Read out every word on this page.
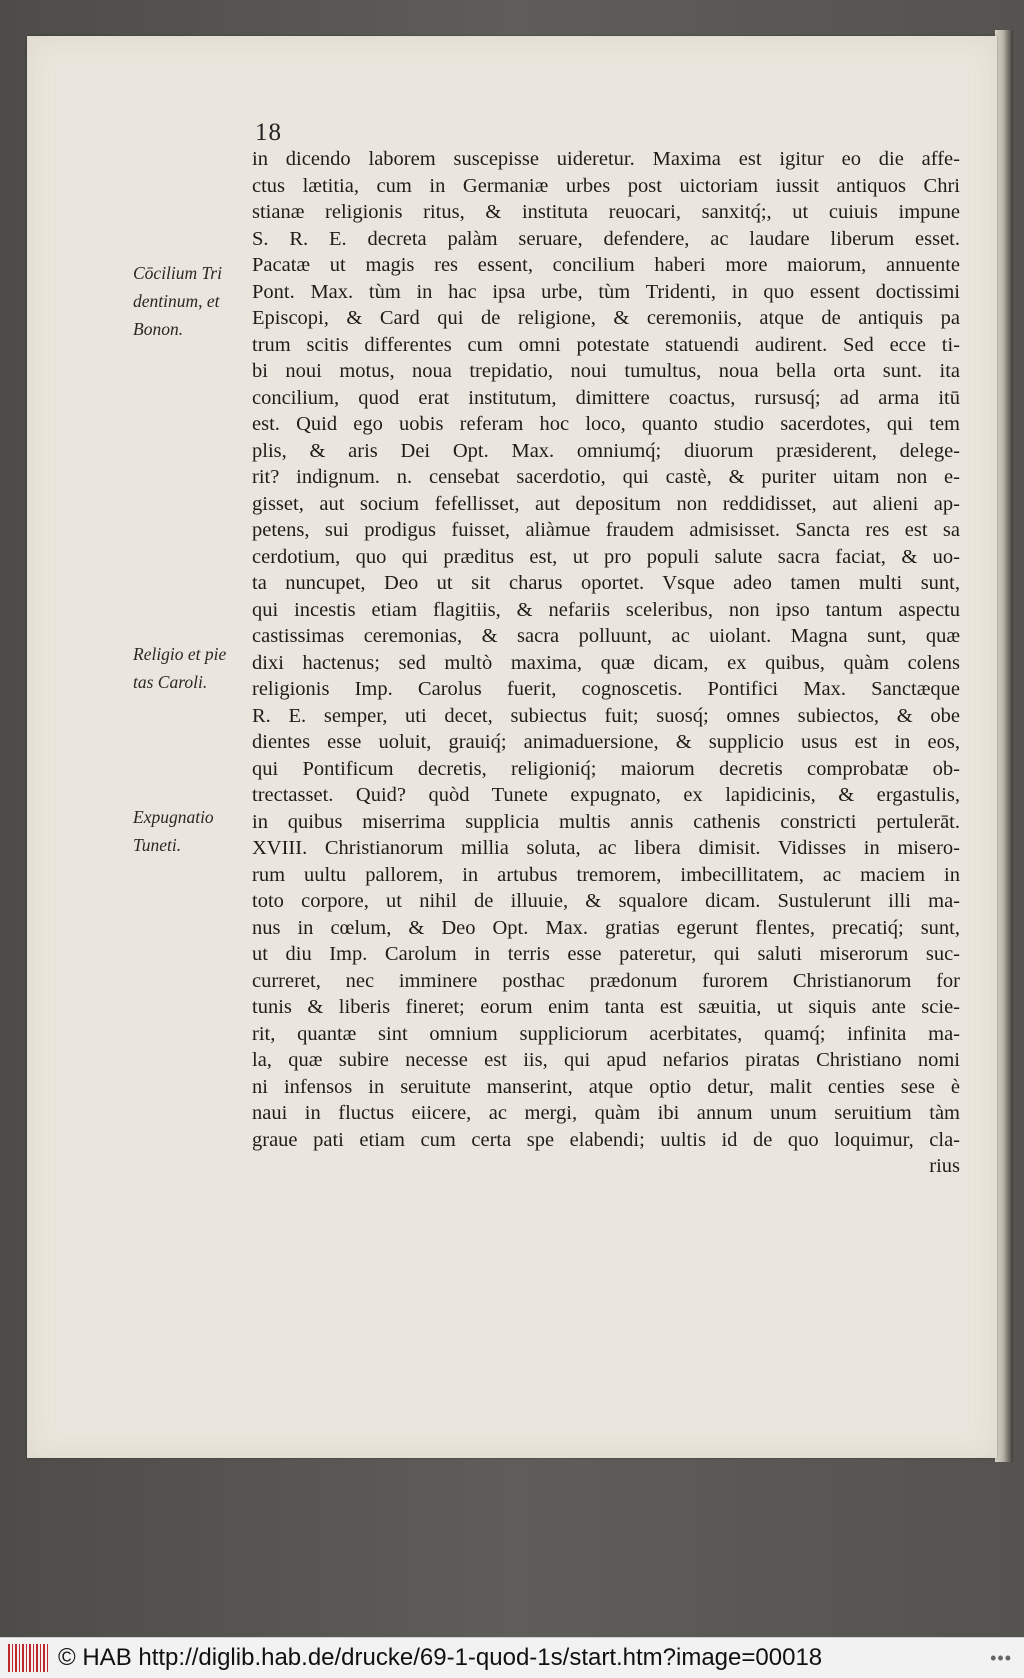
18
Cōcilium Tri
dentinum, et
Bonon.
Religio et pie
tas Caroli.
Expugnatio
Tuneti.
in dicendo laborem suscepisse uideretur. Maxima est igitur eo die affe-
ctus lætitia, cum in Germaniæ urbes post uictoriam iussit antiquos Chri
stianæ religionis ritus, & instituta reuocari, sanxitq́;, ut cuiuis impune
S. R. E. decreta palàm seruare, defendere, ac laudare liberum esset.
Pacatæ ut magis res essent, concilium haberi more maiorum, annuente
Pont. Max. tùm in hac ipsa urbe, tùm Tridenti, in quo essent doctissimi
Episcopi, & Card qui de religione, & ceremoniis, atque de antiquis pa
trum scitis differentes cum omni potestate statuendi audirent. Sed ecce ti-
bi noui motus, noua trepidatio, noui tumultus, noua bella orta sunt. ita
concilium, quod erat institutum, dimittere coactus, rursusq́; ad arma itū
est. Quid ego uobis referam hoc loco, quanto studio sacerdotes, qui tem
plis, & aris Dei Opt. Max. omniumq́; diuorum præsiderent, delege-
rit? indignum. n. censebat sacerdotio, qui castè, & puriter uitam non e-
gisset, aut socium fefellisset, aut depositum non reddidisset, aut alieni ap-
petens, sui prodigus fuisset, aliàmue fraudem admisisset. Sancta res est sa
cerdotium, quo qui præditus est, ut pro populi salute sacra faciat, & uo-
ta nuncupet, Deo ut sit charus oportet. Vsque adeo tamen multi sunt,
qui incestis etiam flagitiis, & nefariis sceleribus, non ipso tantum aspectu
castissimas ceremonias, & sacra polluunt, ac uiolant. Magna sunt, quæ
dixi hactenus; sed multò maxima, quæ dicam, ex quibus, quàm colens
religionis Imp. Carolus fuerit, cognoscetis. Pontifici Max. Sanctæque
R. E. semper, uti decet, subiectus fuit; suosq́; omnes subiectos, & obe
dientes esse uoluit, grauiq́; animaduersione, & supplicio usus est in eos,
qui Pontificum decretis, religioniq́; maiorum decretis comprobatæ ob-
trectasset. Quid? quòd Tunete expugnato, ex lapidicinis, & ergastulis,
in quibus miserrima supplicia multis annis cathenis constricti pertulerāt.
XVIII. Christianorum millia soluta, ac libera dimisit. Vidisses in misero-
rum uultu pallorem, in artubus tremorem, imbecillitatem, ac maciem in
toto corpore, ut nihil de illuuie, & squalore dicam. Sustulerunt illi ma-
nus in cœlum, & Deo Opt. Max. gratias egerunt flentes, precatiq́; sunt,
ut diu Imp. Carolum in terris esse pateretur, qui saluti miserorum suc-
curreret, nec imminere posthac prædonum furorem Christianorum for
tunis & liberis fineret; eorum enim tanta est sæuitia, ut siquis ante scie-
rit, quantæ sint omnium suppliciorum acerbitates, quamq́; infinita ma-
la, quæ subire necesse est iis, qui apud nefarios piratas Christiano nomi
ni infensos in seruitute manserint, atque optio detur, malit centies sese è
naui in fluctus eiicere, ac mergi, quàm ibi annum unum seruitium tàm
graue pati etiam cum certa spe elabendi; uultis id de quo loquimur, cla-
rius
© HAB http://diglib.hab.de/drucke/69-1-quod-1s/start.htm?image=00018	•••
